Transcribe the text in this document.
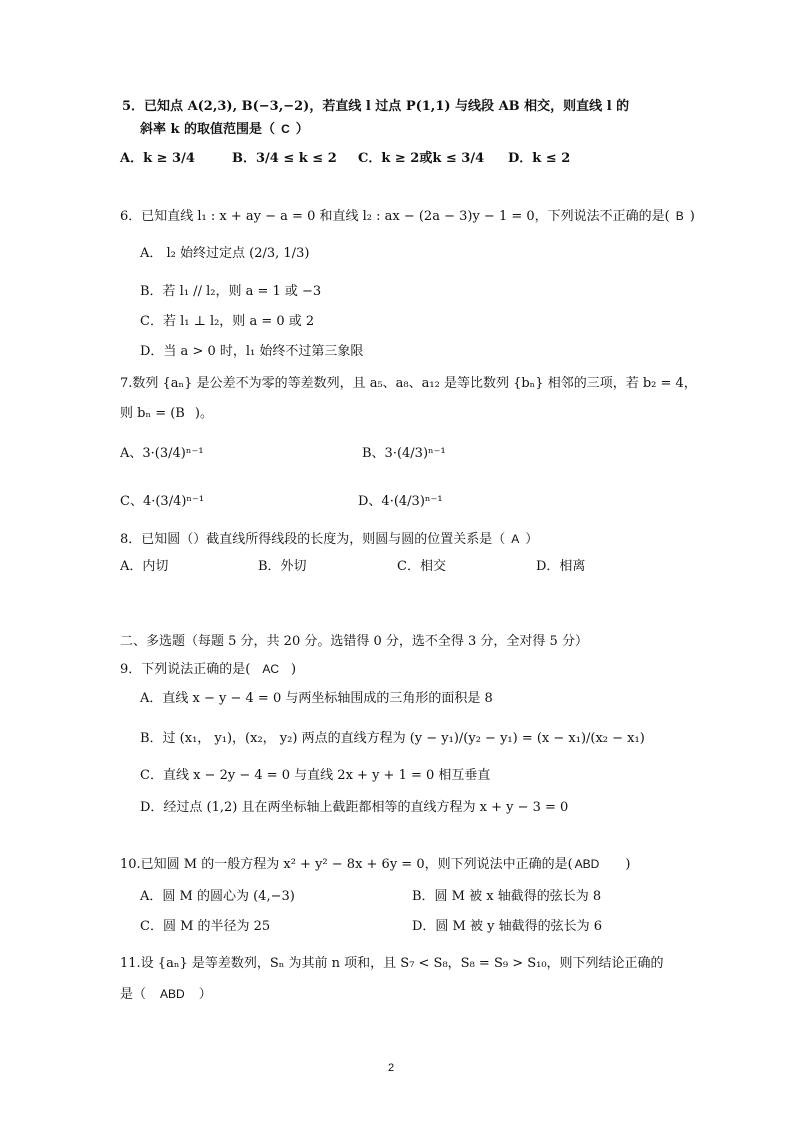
5．已知点 A(2,3), B(−3,−2)，若直线 l 过点 P(1,1) 与线段 AB 相交，则直线 l 的
斜率 k 的取值范围是（ C ）
A．k ≥ 3/4	B．3/4 ≤ k ≤ 2 C．k ≥ 2或k ≤ 3/4 D．k ≤ 2
6．已知直线 l₁ : x + ay − a = 0 和直线 l₂ : ax − (2a − 3)y − 1 = 0，下列说法不正确的是( B )
A． l₂ 始终过定点 (2/3, 1/3)
B．若 l₁ // l₂，则 a = 1 或 −3
C．若 l₁ ⊥ l₂，则 a = 0 或 2
D．当 a > 0 时，l₁ 始终不过第三象限
7.数列 {aₙ} 是公差不为零的等差数列，且 a₅、a₈、a₁₂ 是等比数列 {bₙ} 相邻的三项，若 b₂ = 4，
则 bₙ = (B )。
A、3·(3/4)ⁿ⁻¹	B、3·(4/3)ⁿ⁻¹
C、4·(3/4)ⁿ⁻¹	D、4·(4/3)ⁿ⁻¹
8．已知圆（）截直线所得线段的长度为，则圆与圆的位置关系是（ A ）
A．内切	B．外切	C．相交	D．相离
二、多选题（每题 5 分，共 20 分。选错得 0 分，选不全得 3 分，全对得 5 分）
9．下列说法正确的是( AC )
A．直线 x − y − 4 = 0 与两坐标轴围成的三角形的面积是 8
B．过 (x₁， y₁)，(x₂， y₂) 两点的直线方程为 (y − y₁)/(y₂ − y₁) = (x − x₁)/(x₂ − x₁)
C．直线 x − 2y − 4 = 0 与直线 2x + y + 1 = 0 相互垂直
D．经过点 (1,2) 且在两坐标轴上截距都相等的直线方程为 x + y − 3 = 0
10.已知圆 M 的一般方程为 x² + y² − 8x + 6y = 0，则下列说法中正确的是( ABD )
A．圆 M 的圆心为 (4,−3)	B．圆 M 被 x 轴截得的弦长为 8
C．圆 M 的半径为 25	D．圆 M 被 y 轴截得的弦长为 6
11.设 {aₙ} 是等差数列，Sₙ 为其前 n 项和，且 S₇ < S₈，S₈ = S₉ > S₁₀，则下列结论正确的
是（ ABD ）
2
